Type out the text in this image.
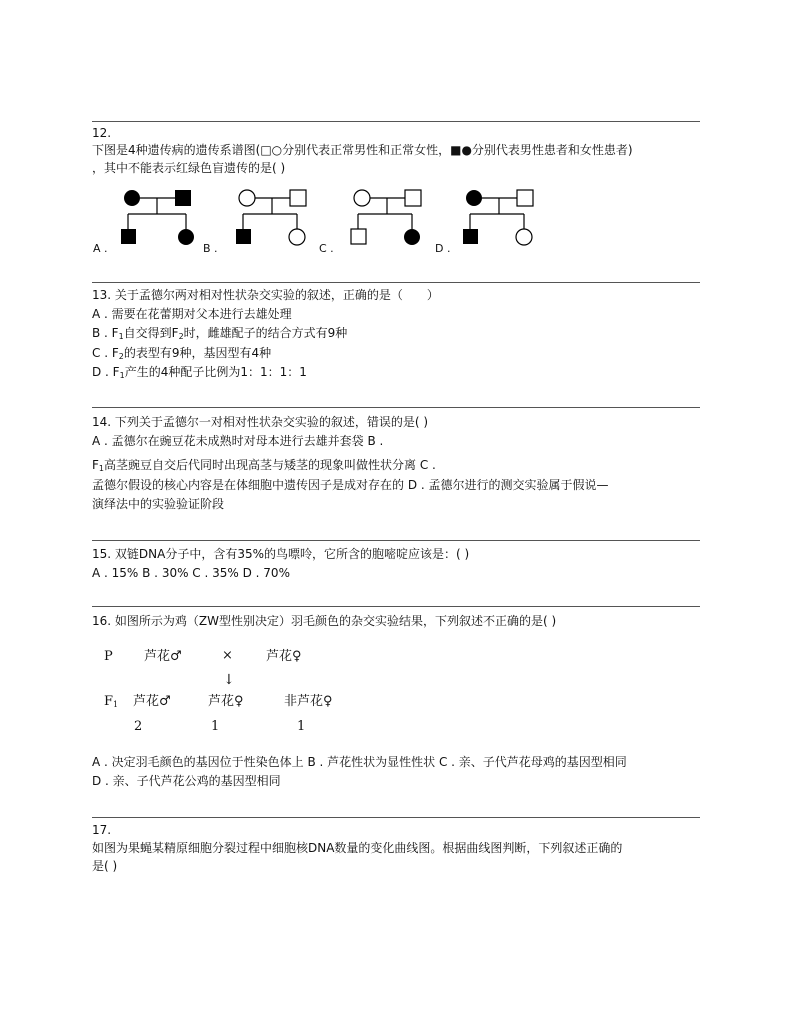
12.
下图是4种遗传病的遗传系谱图(□○分别代表正常男性和正常女性，■●分别代表男性患者和女性患者)
，其中不能表示红绿色盲遗传的是( )
A .	B .	C .	D .
13. 关于孟德尔两对相对性状杂交实验的叙述，正确的是（　　）
A . 需要在花蕾期对父本进行去雄处理
B . $F_1$自交得到$F_2$时，雌雄配子的结合方式有9种
C . $F_2$的表型有9种，基因型有4种
D . $F_1$产生的4种配子比例为1：1：1：1
14. 下列关于孟德尔一对相对性状杂交实验的叙述，错误的是( )
A . 孟德尔在豌豆花未成熟时对母本进行去雄并套袋 B .
$F_1$高茎豌豆自交后代同时出现高茎与矮茎的现象叫做性状分离 C .
孟德尔假设的核心内容是在体细胞中遗传因子是成对存在的 D . 孟德尔进行的测交实验属于假说—
演绎法中的实验验证阶段
15. 双链DNA分子中，含有35%的鸟嘌呤，它所含的胞嘧啶应该是：( )
A . 15% B . 30% C . 35% D . 70%
16. 如图所示为鸡（ZW型性别决定）羽毛颜色的杂交实验结果，下列叙述不正确的是( )
P 芦花♂	×	芦花♀
↓
$F_1$ 芦花♂	芦花♀	非芦花♀
2	1	1
A . 决定羽毛颜色的基因位于性染色体上 B . 芦花性状为显性性状 C . 亲、子代芦花母鸡的基因型相同
D . 亲、子代芦花公鸡的基因型相同
17.
如图为果蝇某精原细胞分裂过程中细胞核DNA数量的变化曲线图。根据曲线图判断，下列叙述正确的
是( )
